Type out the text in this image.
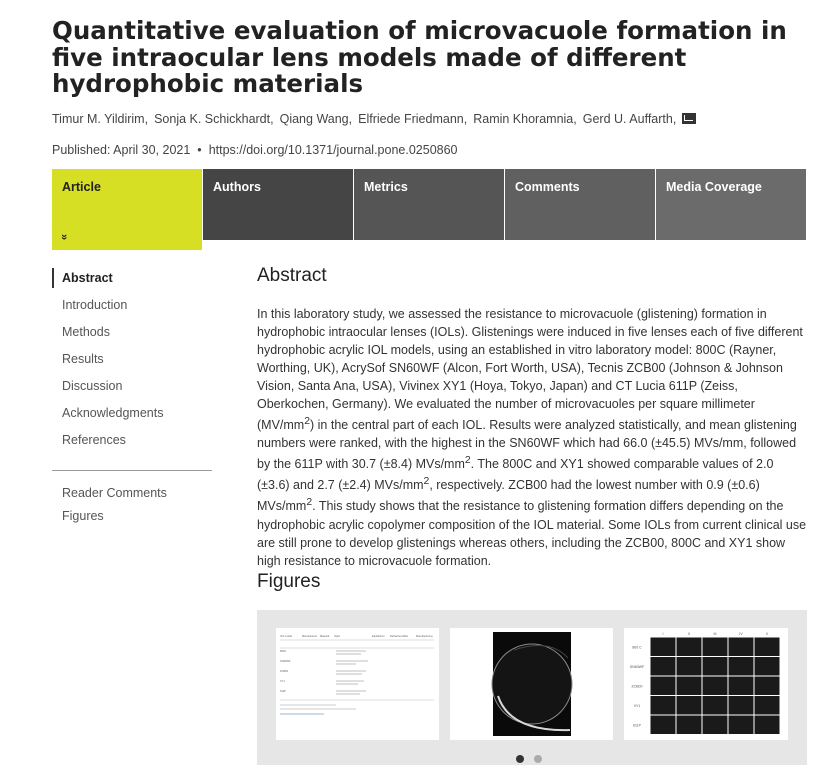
Quantitative evaluation of microvacuole formation in five intraocular lens models made of different hydrophobic materials
Timur M. Yildirim , Sonja K. Schickhardt , Qiang Wang , Elfriede Friedmann , Ramin Khoramnia , Gerd U. Auffarth ,
Published: April 30, 2021 • https://doi.org/10.1371/journal.pone.0250860
Article
»
Authors	Metrics	Comments	Media Coverage
Abstract
Introduction
Methods
Results
Discussion
Acknowledgments
References
Reader Comments
Figures
Abstract

In this laboratory study, we assessed the resistance to microvacuole (glistening) formation in hydrophobic intraocular lenses (IOLs). Glistenings were induced in five lenses each of five different hydrophobic acrylic IOL models, using an established in vitro laboratory model: 800C (Rayner, Worthing, UK), AcrySof SN60WF (Alcon, Fort Worth, USA), Tecnis ZCB00 (Johnson & Johnson Vision, Santa Ana, USA), Vivinex XY1 (Hoya, Tokyo, Japan) and CT Lucia 611P (Zeiss, Oberkochen, Germany). We evaluated the number of microvacuoles per square millimeter $(MV/mm^2)$ in the central part of each IOL. Results were analyzed statistically, and mean glistening numbers were ranked, with the highest in the SN60WF which had 66.0 (±45.5) MVs/mm, followed by the 611P with 30.7 (±8.4) MVs/$mm^2$. The 800C and XY1 showed comparable values of 2.0 (±3.6) and 2.7 (±2.4) MVs/$mm^2$, respectively. ZCB00 had the lowest number with 0.9 (±0.6) MVs/$mm^2$. This study shows that the resistance to glistening formation differs depending on the hydrophobic acrylic copolymer composition of the IOL material. Some IOLs from current clinical use are still prone to develop glistenings whereas others, including the ZCB00, 800C and XY1 show high resistance to microvacuole formation.

Figures
IOL model	Manufacturer Material Optic	Equilibrium Refractive Abbe	Manufacturing
800C
SN60WF
ZCB00
XY1
611P
I	II	III	IV	V
800 C
SN60WF
ZCB00
XY1
611P
